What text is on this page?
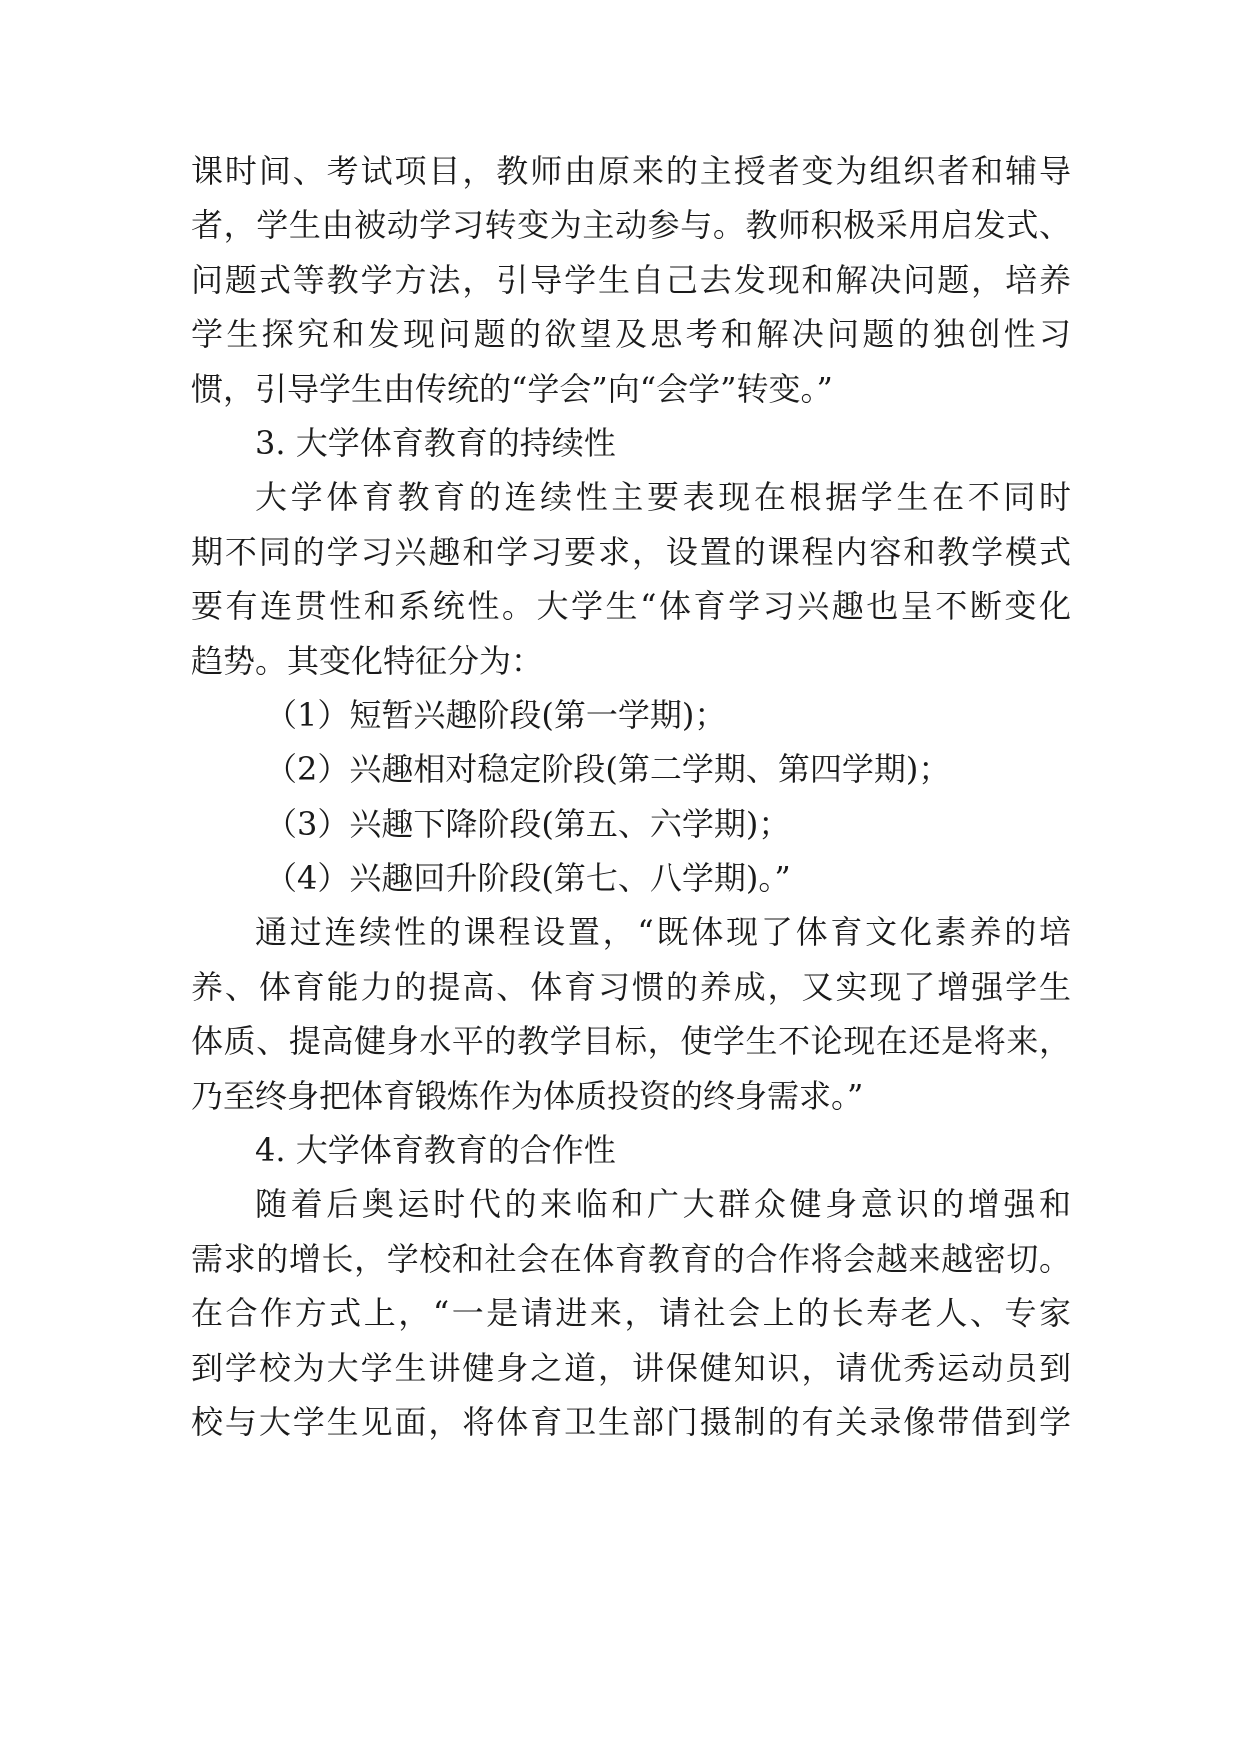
课时间、考试项目，教师由原来的主授者变为组织者和辅导
者，学生由被动学习转变为主动参与。教师积极采用启发式、
问题式等教学方法，引导学生自己去发现和解决问题，培养
学生探究和发现问题的欲望及思考和解决问题的独创性习
惯，引导学生由传统的“学会”向“会学”转变。”
3. 大学体育教育的持续性
大学体育教育的连续性主要表现在根据学生在不同时
期不同的学习兴趣和学习要求，设置的课程内容和教学模式
要有连贯性和系统性。大学生“体育学习兴趣也呈不断变化
趋势。其变化特征分为：
（1）短暂兴趣阶段(第一学期)；
（2）兴趣相对稳定阶段(第二学期、第四学期)；
（3）兴趣下降阶段(第五、六学期)；
（4）兴趣回升阶段(第七、八学期)。”
通过连续性的课程设置，“既体现了体育文化素养的培
养、体育能力的提高、体育习惯的养成，又实现了增强学生
体质、提高健身水平的教学目标，使学生不论现在还是将来，
乃至终身把体育锻炼作为体质投资的终身需求。”
4. 大学体育教育的合作性
随着后奥运时代的来临和广大群众健身意识的增强和
需求的增长，学校和社会在体育教育的合作将会越来越密切。
在合作方式上，“一是请进来，请社会上的长寿老人、专家
到学校为大学生讲健身之道，讲保健知识，请优秀运动员到
校与大学生见面，将体育卫生部门摄制的有关录像带借到学
